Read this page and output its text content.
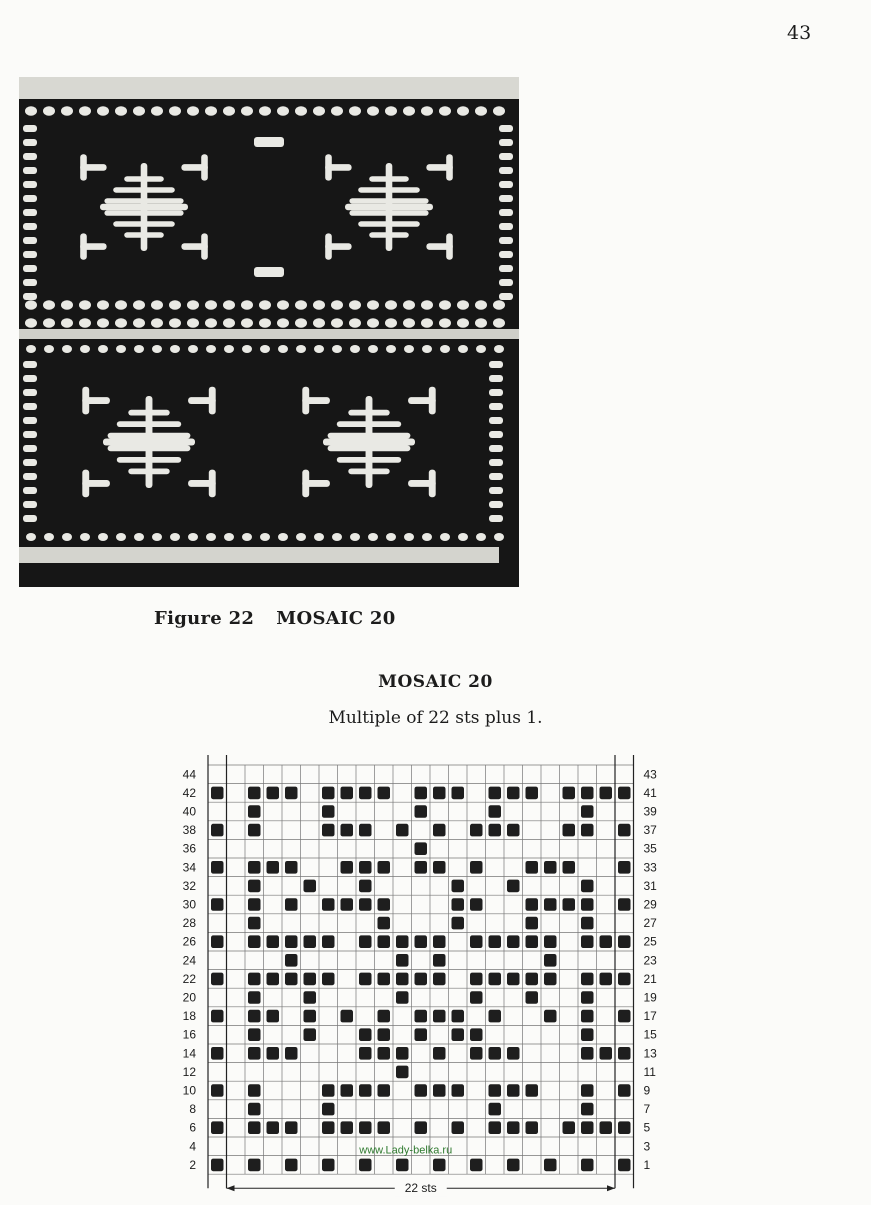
43
Figure 22 MOSAIC 20
MOSAIC 20
Multiple of 22 sts plus 1.
44
42
40
38
36
34
32
30
28
26
24
22
20
18
16
14
12
10
8
6
4
2
43
41
39
37
35
33
31
29
27
25
23
21
19
17
15
13
11
9
7
5
3
1
www.Lady-belka.ru
22 sts
